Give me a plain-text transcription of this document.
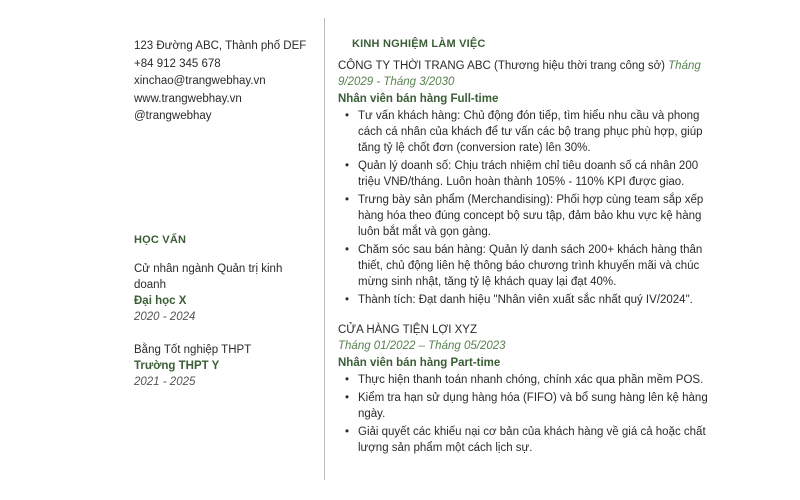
123 Đường ABC, Thành phố DEF
+84 912 345 678
xinchao@trangwebhay.vn
www.trangwebhay.vn
@trangwebhay
HỌC VẤN
Cử nhân ngành Quản trị kinh doanh
Đại học X
2020 - 2024
Bằng Tốt nghiệp THPT
Trường THPT Y
2021 - 2025
KINH NGHIỆM LÀM VIỆC
CÔNG TY THỜI TRANG ABC (Thương hiệu thời trang công sở) Tháng 9/2029 - Tháng 3/2030
Nhân viên bán hàng Full-time
• Tư vấn khách hàng: Chủ động đón tiếp, tìm hiểu nhu cầu và phong cách cá nhân của khách để tư vấn các bộ trang phục phù hợp, giúp tăng tỷ lệ chốt đơn (conversion rate) lên 30%.
• Quản lý doanh số: Chịu trách nhiệm chỉ tiêu doanh số cá nhân 200 triệu VNĐ/tháng. Luôn hoàn thành 105% - 110% KPI được giao.
• Trưng bày sản phẩm (Merchandising): Phối hợp cùng team sắp xếp hàng hóa theo đúng concept bộ sưu tập, đảm bảo khu vực kệ hàng luôn bắt mắt và gọn gàng.
• Chăm sóc sau bán hàng: Quản lý danh sách 200+ khách hàng thân thiết, chủ động liên hệ thông báo chương trình khuyến mãi và chúc mừng sinh nhật, tăng tỷ lệ khách quay lại đạt 40%.
• Thành tích: Đạt danh hiệu "Nhân viên xuất sắc nhất quý IV/2024".
CỬA HÀNG TIỆN LỢI XYZ
Tháng 01/2022 – Tháng 05/2023
Nhân viên bán hàng Part-time
• Thực hiện thanh toán nhanh chóng, chính xác qua phần mềm POS.
• Kiểm tra hạn sử dụng hàng hóa (FIFO) và bổ sung hàng lên kệ hàng ngày.
• Giải quyết các khiếu nại cơ bản của khách hàng về giá cả hoặc chất lượng sản phẩm một cách lịch sự.
